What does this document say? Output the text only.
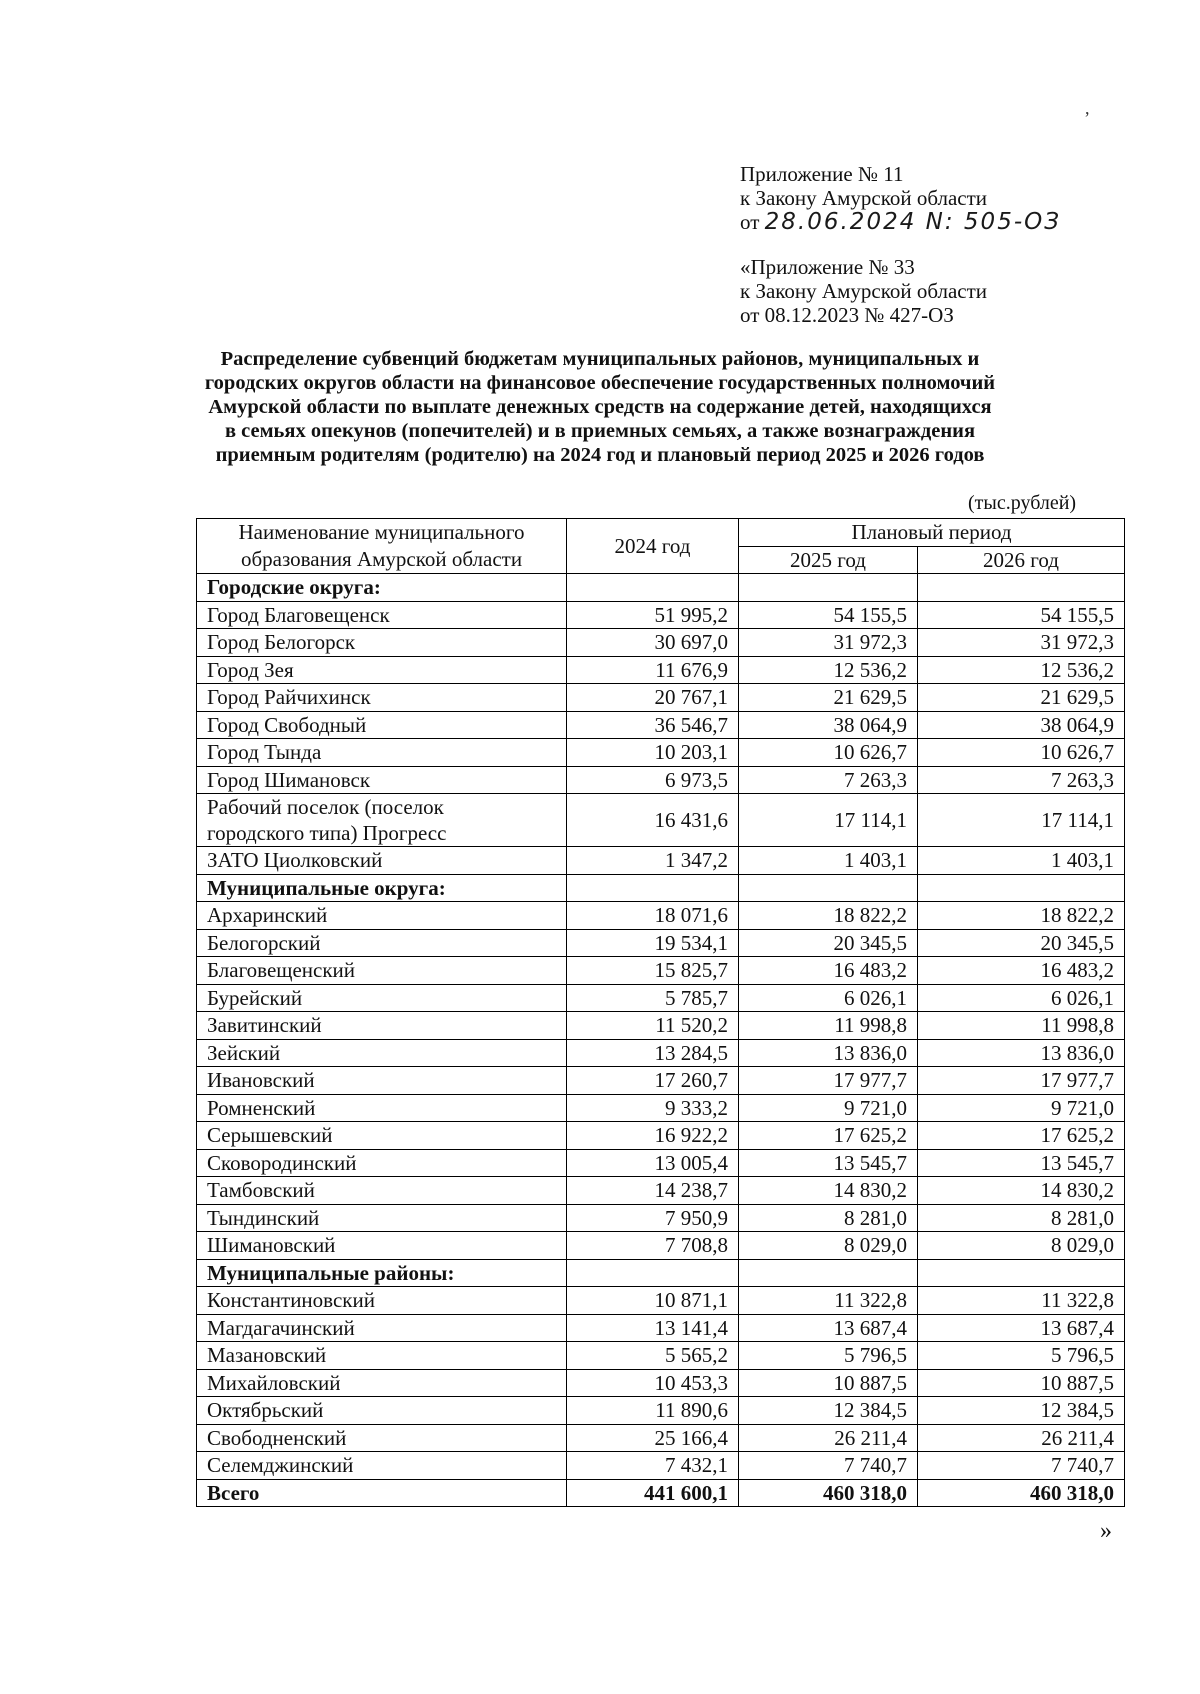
,
Приложение № 11
к Закону Амурской области
от 28.06.2024 N: 505-ОЗ
«Приложение № 33
к Закону Амурской области
от 08.12.2023 № 427-ОЗ
Распределение субвенций бюджетам муниципальных районов, муниципальных и
городских округов области на финансовое обеспечение государственных полномочий
Амурской области по выплате денежных средств на содержание детей, находящихся
в семьях опекунов (попечителей) и в приемных семьях, а также вознаграждения
приемным родителям (родителю) на 2024 год и плановый период 2025 и 2026 годов
(тыс.рублей)
Наименование муниципального
образования Амурской области	2024 год	Плановый период	
		2025 год	2026 год
Городские округа:			
Город Благовещенск	51 995,2	54 155,5	54 155,5
Город Белогорск	30 697,0	31 972,3	31 972,3
Город Зея	11 676,9	12 536,2	12 536,2
Город Райчихинск	20 767,1	21 629,5	21 629,5
Город Свободный	36 546,7	38 064,9	38 064,9
Город Тында	10 203,1	10 626,7	10 626,7
Город Шимановск	6 973,5	7 263,3	7 263,3

Рабочий поселок (поселок
городского типа) Прогресс	16 431,6	17 114,1	17 114,1
ЗАТО Циолковский	1 347,2	1 403,1	1 403,1
Муниципальные округа:			
Архаринский	18 071,6	18 822,2	18 822,2
Белогорский	19 534,1	20 345,5	20 345,5
Благовещенский	15 825,7	16 483,2	16 483,2
Бурейский	5 785,7	6 026,1	6 026,1
Завитинский	11 520,2	11 998,8	11 998,8
Зейский	13 284,5	13 836,0	13 836,0
Ивановский	17 260,7	17 977,7	17 977,7
Ромненский	9 333,2	9 721,0	9 721,0
Серышевский	16 922,2	17 625,2	17 625,2
Сковородинский	13 005,4	13 545,7	13 545,7
Тамбовский	14 238,7	14 830,2	14 830,2
Тындинский	7 950,9	8 281,0	8 281,0
Шимановский	7 708,8	8 029,0	8 029,0
Муниципальные районы:			
Константиновский	10 871,1	11 322,8	11 322,8
Магдагачинский	13 141,4	13 687,4	13 687,4
Мазановский	5 565,2	5 796,5	5 796,5
Михайловский	10 453,3	10 887,5	10 887,5
Октябрьский	11 890,6	12 384,5	12 384,5
Свободненский	25 166,4	26 211,4	26 211,4
Селемджинский	7 432,1	7 740,7	7 740,7
Всего	441 600,1	460 318,0	460 318,0
»
